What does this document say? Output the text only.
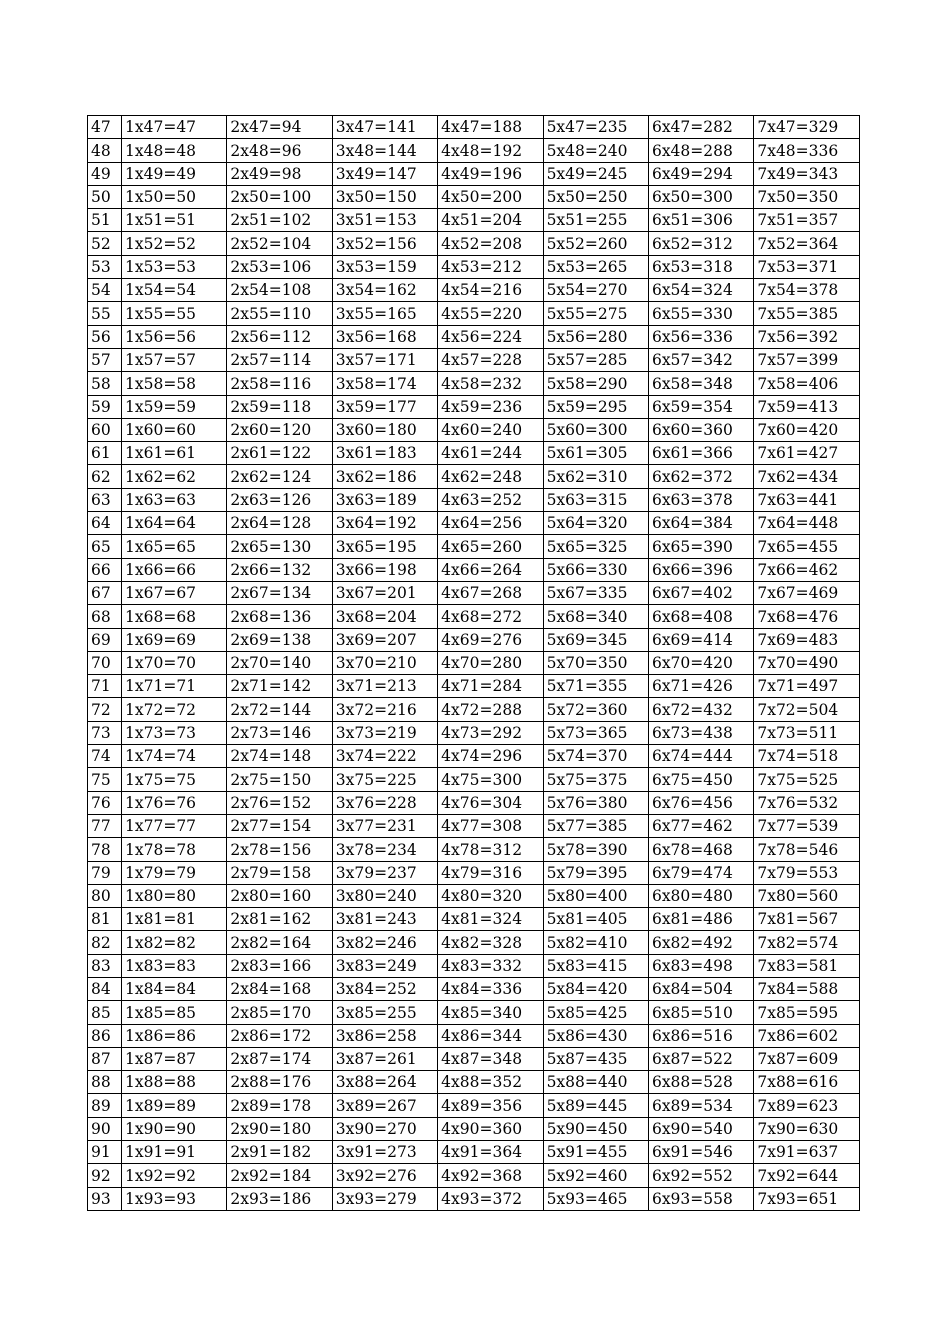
47	1x47=47	2x47=94	3x47=141	4x47=188	5x47=235	6x47=282	7x47=329
48	1x48=48	2x48=96	3x48=144	4x48=192	5x48=240	6x48=288	7x48=336
49	1x49=49	2x49=98	3x49=147	4x49=196	5x49=245	6x49=294	7x49=343
50	1x50=50	2x50=100	3x50=150	4x50=200	5x50=250	6x50=300	7x50=350
51	1x51=51	2x51=102	3x51=153	4x51=204	5x51=255	6x51=306	7x51=357
52	1x52=52	2x52=104	3x52=156	4x52=208	5x52=260	6x52=312	7x52=364
53	1x53=53	2x53=106	3x53=159	4x53=212	5x53=265	6x53=318	7x53=371
54	1x54=54	2x54=108	3x54=162	4x54=216	5x54=270	6x54=324	7x54=378
55	1x55=55	2x55=110	3x55=165	4x55=220	5x55=275	6x55=330	7x55=385
56	1x56=56	2x56=112	3x56=168	4x56=224	5x56=280	6x56=336	7x56=392
57	1x57=57	2x57=114	3x57=171	4x57=228	5x57=285	6x57=342	7x57=399
58	1x58=58	2x58=116	3x58=174	4x58=232	5x58=290	6x58=348	7x58=406
59	1x59=59	2x59=118	3x59=177	4x59=236	5x59=295	6x59=354	7x59=413
60	1x60=60	2x60=120	3x60=180	4x60=240	5x60=300	6x60=360	7x60=420
61	1x61=61	2x61=122	3x61=183	4x61=244	5x61=305	6x61=366	7x61=427
62	1x62=62	2x62=124	3x62=186	4x62=248	5x62=310	6x62=372	7x62=434
63	1x63=63	2x63=126	3x63=189	4x63=252	5x63=315	6x63=378	7x63=441
64	1x64=64	2x64=128	3x64=192	4x64=256	5x64=320	6x64=384	7x64=448
65	1x65=65	2x65=130	3x65=195	4x65=260	5x65=325	6x65=390	7x65=455
66	1x66=66	2x66=132	3x66=198	4x66=264	5x66=330	6x66=396	7x66=462
67	1x67=67	2x67=134	3x67=201	4x67=268	5x67=335	6x67=402	7x67=469
68	1x68=68	2x68=136	3x68=204	4x68=272	5x68=340	6x68=408	7x68=476
69	1x69=69	2x69=138	3x69=207	4x69=276	5x69=345	6x69=414	7x69=483
70	1x70=70	2x70=140	3x70=210	4x70=280	5x70=350	6x70=420	7x70=490
71	1x71=71	2x71=142	3x71=213	4x71=284	5x71=355	6x71=426	7x71=497
72	1x72=72	2x72=144	3x72=216	4x72=288	5x72=360	6x72=432	7x72=504
73	1x73=73	2x73=146	3x73=219	4x73=292	5x73=365	6x73=438	7x73=511
74	1x74=74	2x74=148	3x74=222	4x74=296	5x74=370	6x74=444	7x74=518
75	1x75=75	2x75=150	3x75=225	4x75=300	5x75=375	6x75=450	7x75=525
76	1x76=76	2x76=152	3x76=228	4x76=304	5x76=380	6x76=456	7x76=532
77	1x77=77	2x77=154	3x77=231	4x77=308	5x77=385	6x77=462	7x77=539
78	1x78=78	2x78=156	3x78=234	4x78=312	5x78=390	6x78=468	7x78=546
79	1x79=79	2x79=158	3x79=237	4x79=316	5x79=395	6x79=474	7x79=553
80	1x80=80	2x80=160	3x80=240	4x80=320	5x80=400	6x80=480	7x80=560
81	1x81=81	2x81=162	3x81=243	4x81=324	5x81=405	6x81=486	7x81=567
82	1x82=82	2x82=164	3x82=246	4x82=328	5x82=410	6x82=492	7x82=574
83	1x83=83	2x83=166	3x83=249	4x83=332	5x83=415	6x83=498	7x83=581
84	1x84=84	2x84=168	3x84=252	4x84=336	5x84=420	6x84=504	7x84=588
85	1x85=85	2x85=170	3x85=255	4x85=340	5x85=425	6x85=510	7x85=595
86	1x86=86	2x86=172	3x86=258	4x86=344	5x86=430	6x86=516	7x86=602
87	1x87=87	2x87=174	3x87=261	4x87=348	5x87=435	6x87=522	7x87=609
88	1x88=88	2x88=176	3x88=264	4x88=352	5x88=440	6x88=528	7x88=616
89	1x89=89	2x89=178	3x89=267	4x89=356	5x89=445	6x89=534	7x89=623
90	1x90=90	2x90=180	3x90=270	4x90=360	5x90=450	6x90=540	7x90=630
91	1x91=91	2x91=182	3x91=273	4x91=364	5x91=455	6x91=546	7x91=637
92	1x92=92	2x92=184	3x92=276	4x92=368	5x92=460	6x92=552	7x92=644
93	1x93=93	2x93=186	3x93=279	4x93=372	5x93=465	6x93=558	7x93=651
